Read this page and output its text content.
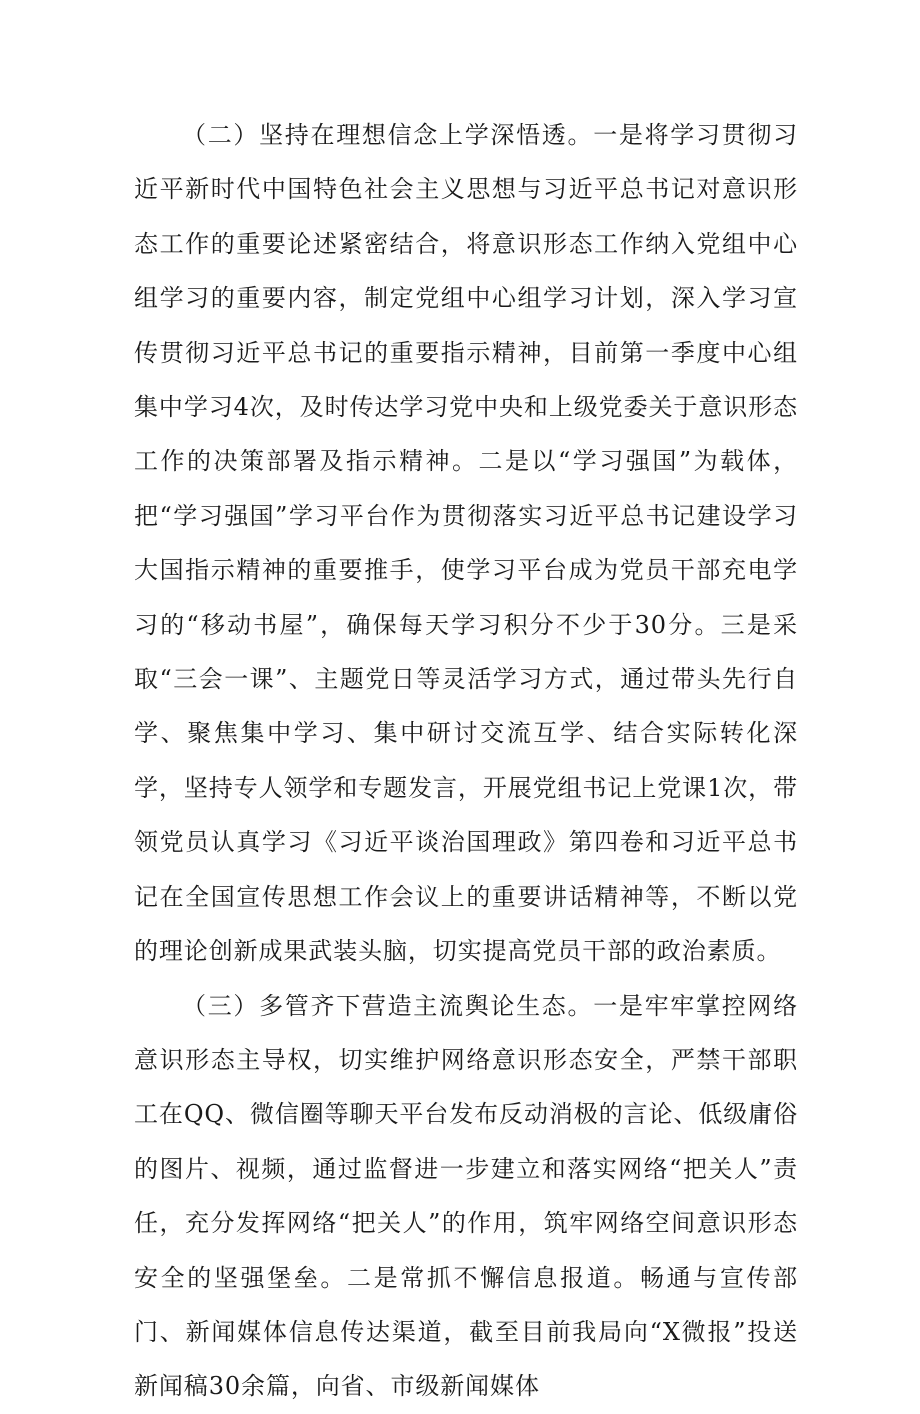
（二）坚持在理想信念上学深悟透。一是将学习贯彻习近平新时代中国特色社会主义思想与习近平总书记对意识形态工作的重要论述紧密结合，将意识形态工作纳入党组中心组学习的重要内容，制定党组中心组学习计划，深入学习宣传贯彻习近平总书记的重要指示精神，目前第一季度中心组集中学习4次，及时传达学习党中央和上级党委关于意识形态工作的决策部署及指示精神。二是以“学习强国”为载体，把“学习强国”学习平台作为贯彻落实习近平总书记建设学习大国指示精神的重要推手，使学习平台成为党员干部充电学习的“移动书屋”，确保每天学习积分不少于30分。三是采取“三会一课”、主题党日等灵活学习方式，通过带头先行自学、聚焦集中学习、集中研讨交流互学、结合实际转化深学，坚持专人领学和专题发言，开展党组书记上党课1次，带领党员认真学习《习近平谈治国理政》第四卷和习近平总书记在全国宣传思想工作会议上的重要讲话精神等，不断以党的理论创新成果武装头脑，切实提高党员干部的政治素质。

（三）多管齐下营造主流舆论生态。一是牢牢掌控网络意识形态主导权，切实维护网络意识形态安全，严禁干部职工在QQ、微信圈等聊天平台发布反动消极的言论、低级庸俗的图片、视频，通过监督进一步建立和落实网络“把关人”责任，充分发挥网络“把关人”的作用，筑牢网络空间意识形态安全的坚强堡垒。二是常抓不懈信息报道。畅通与宣传部门、新闻媒体信息传达渠道，截至目前我局向“X微报”投送新闻稿30余篇，向省、市级新闻媒体
